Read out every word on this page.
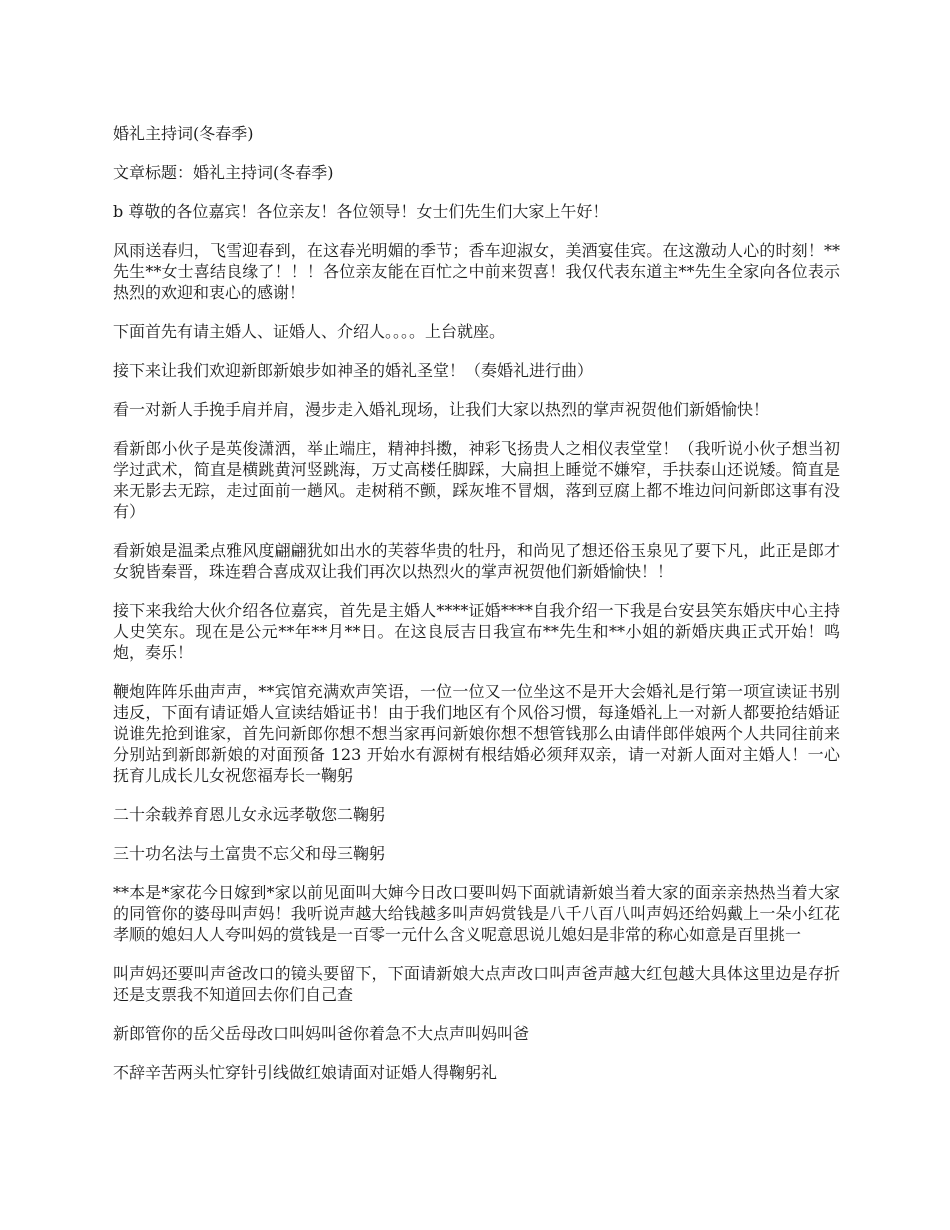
婚礼主持词(冬春季)

文章标题：婚礼主持词(冬春季)

b 尊敬的各位嘉宾！各位亲友！各位领导！女士们先生们大家上午好！

风雨送春归，飞雪迎春到，在这春光明媚的季节；香车迎淑女，美酒宴佳宾。在这激动人心的时刻！**先生**女士喜结良缘了！！！各位亲友能在百忙之中前来贺喜！我仅代表东道主**先生全家向各位表示热烈的欢迎和衷心的感谢！

下面首先有请主婚人、证婚人、介绍人。。。。上台就座。

接下来让我们欢迎新郎新娘步如神圣的婚礼圣堂！（奏婚礼进行曲）

看一对新人手挽手肩并肩，漫步走入婚礼现场，让我们大家以热烈的掌声祝贺他们新婚愉快！

看新郎小伙子是英俊潇洒，举止端庄，精神抖擞，神彩飞扬贵人之相仪表堂堂！（我听说小伙子想当初学过武术，简直是横跳黄河竖跳海，万丈高楼任脚踩，大扁担上睡觉不嫌窄，手扶泰山还说矮。简直是来无影去无踪，走过面前一趟风。走树稍不颤，踩灰堆不冒烟，落到豆腐上都不堆边问问新郎这事有没有）

看新娘是温柔点雅风度翩翩犹如出水的芙蓉华贵的牡丹，和尚见了想还俗玉泉见了要下凡，此正是郎才女貌皆秦晋，珠连碧合喜成双让我们再次以热烈火的掌声祝贺他们新婚愉快！！

接下来我给大伙介绍各位嘉宾，首先是主婚人****证婚****自我介绍一下我是台安县笑东婚庆中心主持人史笑东。现在是公元**年**月**日。在这良辰吉日我宣布**先生和**小姐的新婚庆典正式开始！鸣炮，奏乐！

鞭炮阵阵乐曲声声，**宾馆充满欢声笑语，一位一位又一位坐这不是开大会婚礼是行第一项宣读证书别违反，下面有请证婚人宣读结婚证书！由于我们地区有个风俗习惯，每逢婚礼上一对新人都要抢结婚证说谁先抢到谁家，首先问新郎你想不想当家再问新娘你想不想管钱那么由请伴郎伴娘两个人共同往前来分别站到新郎新娘的对面预备 123 开始水有源树有根结婚必须拜双亲，请一对新人面对主婚人！一心抚育儿成长儿女祝您福寿长一鞠躬

二十余载养育恩儿女永远孝敬您二鞠躬

三十功名法与土富贵不忘父和母三鞠躬

**本是*家花今日嫁到*家以前见面叫大婶今日改口要叫妈下面就请新娘当着大家的面亲亲热热当着大家的同管你的婆母叫声妈！我听说声越大给钱越多叫声妈赏钱是八千八百八叫声妈还给妈戴上一朵小红花孝顺的媳妇人人夸叫妈的赏钱是一百零一元什么含义呢意思说儿媳妇是非常的称心如意是百里挑一

叫声妈还要叫声爸改口的镜头要留下，下面请新娘大点声改口叫声爸声越大红包越大具体这里边是存折还是支票我不知道回去你们自己查

新郎管你的岳父岳母改口叫妈叫爸你着急不大点声叫妈叫爸

不辞辛苦两头忙穿针引线做红娘请面对证婚人得鞠躬礼
